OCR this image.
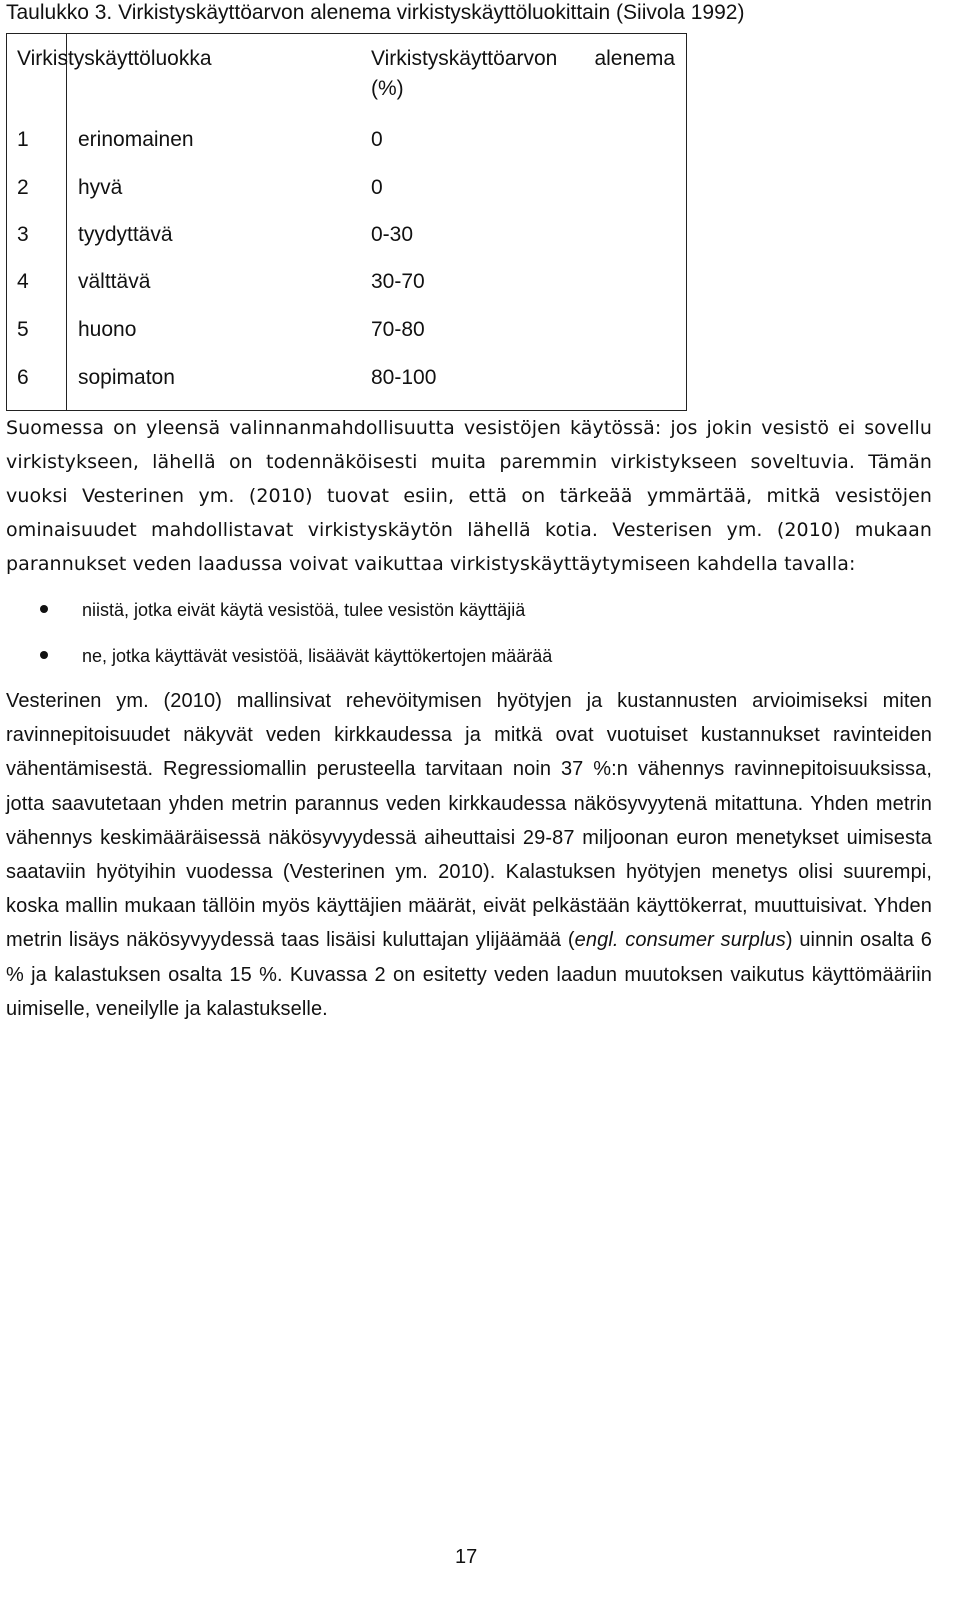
Taulukko 3. Virkistyskäyttöarvon alenema virkistyskäyttöluokittain (Siivola 1992)
Virkistyskäyttöluokka	Virkistyskäyttöarvon alenema (%)
1 erinomainen	0
2 hyvä	0
3 tyydyttävä	0-30
4 välttävä	30-70
5 huono	70-80
6 sopimaton	80-100

Suomessa on yleensä valinnanmahdollisuutta vesistöjen käytössä: jos jokin vesistö ei sovellu virkistykseen, lähellä on todennäköisesti muita paremmin virkistykseen soveltuvia. Tämän vuoksi Vesterinen ym. (2010) tuovat esiin, että on tärkeää ymmärtää, mitkä vesistöjen ominaisuudet mahdollistavat virkistyskäytön lähellä kotia. Vesterisen ym. (2010) mukaan parannukset veden laadussa voivat vaikuttaa virkistyskäyttäytymiseen kahdella tavalla:

niistä, jotka eivät käytä vesistöä, tulee vesistön käyttäjiä
ne, jotka käyttävät vesistöä, lisäävät käyttökertojen määrää

Vesterinen ym. (2010) mallinsivat rehevöitymisen hyötyjen ja kustannusten arvioimiseksi miten ravinnepitoisuudet näkyvät veden kirkkaudessa ja mitkä ovat vuotuiset kustannukset ravinteiden vähentämisestä. Regressiomallin perusteella tarvitaan noin 37 %:n vähennys ravinnepitoisuuksissa, jotta saavutetaan yhden metrin parannus veden kirkkaudessa näkösyvyytenä mitattuna. Yhden metrin vähennys keskimääräisessä näkösyvyydessä aiheuttaisi 29-87 miljoonan euron menetykset uimisesta saataviin hyötyihin vuodessa (Vesterinen ym. 2010). Kalastuksen hyötyjen menetys olisi suurempi, koska mallin mukaan tällöin myös käyttäjien määrät, eivät pelkästään käyttökerrat, muuttuisivat. Yhden metrin lisäys näkösyvyydessä taas lisäisi kuluttajan ylijäämää (engl. consumer surplus) uinnin osalta 6 % ja kalastuksen osalta 15 %. Kuvassa 2 on esitetty veden laadun muutoksen vaikutus käyttömääriin uimiselle, veneilylle ja kalastukselle.

17
